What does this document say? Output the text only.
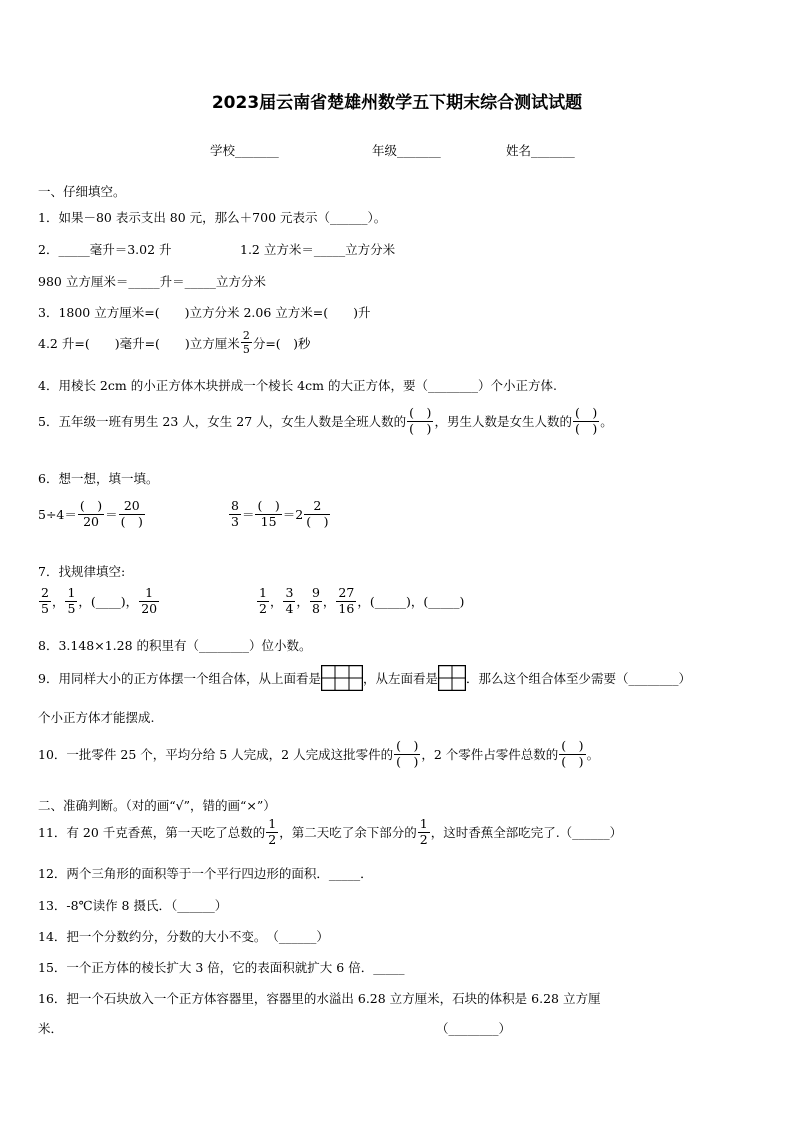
2023届云南省楚雄州数学五下期末综合测试试题
学校_______	年级_______	姓名_______
一、仔细填空。
1．如果－80 表示支出 80 元，那么＋700 元表示（______）。
2．_____毫升＝3.02 升	1.2 立方米＝_____立方分米
980 立方厘米＝_____升＝_____立方分米
3．1800 立方厘米=(　　)立方分米 2.06 立方米=(　　)升
4.2 升=(　　)毫升=(　　)立方厘米 $\frac{2}{5}$ 分=(　)秒
4．用棱长 2cm 的小正方体木块拼成一个棱长 4cm 的大正方体，要（________）个小正方体.
5．五年级一班有男生 23 人，女生 27 人，女生人数是全班人数的 $\frac{( )}{( )}$ ，男生人数是女生人数的 $\frac{( )}{( )}$ 。
6．想一想，填一填。
$5\div 4= \frac{( )}{20} = \frac{20}{( )}$	$\frac{8}{3} = \frac{( )}{15} = 2 \frac{2}{( )}$
7．找规律填空:
$\frac{2}{5}$ ， $\frac{1}{5}$ ，(____)， $\frac{1}{20}$	$\frac{1}{2}$ ， $\frac{3}{4}$ ， $\frac{9}{8}$ ， $\frac{27}{16}$ ，(_____)，(_____)
8．3.148×1.28 的积里有（________）位小数。
9．用同样大小的正方体摆一个组合体，从上面看是	，从左面看是 ．那么这个组合体至少需要（________）
个小正方体才能摆成.
10．一批零件 25 个，平均分给 5 人完成，2 人完成这批零件的 $\frac{( )}{( )}$ ，2 个零件占零件总数的 $\frac{( )}{( )}$ 。
二、准确判断。（对的画“√”，错的画“×”）
11．有 20 千克香蕉，第一天吃了总数的 $\frac{1}{2}$ ，第二天吃了余下部分的 $\frac{1}{2}$ ，这时香蕉全部吃完了.（______）
12．两个三角形的面积等于一个平行四边形的面积．_____．
13．-8℃读作 8 摄氏．（______）
14．把一个分数约分，分数的大小不变。　（______）
15．一个正方体的棱长扩大 3 倍，它的表面积就扩大 6 倍．_____
16．把一个石块放入一个正方体容器里，容器里的水溢出 6.28 立方厘米，石块的体积是 6.28 立方厘
米．	（________）
